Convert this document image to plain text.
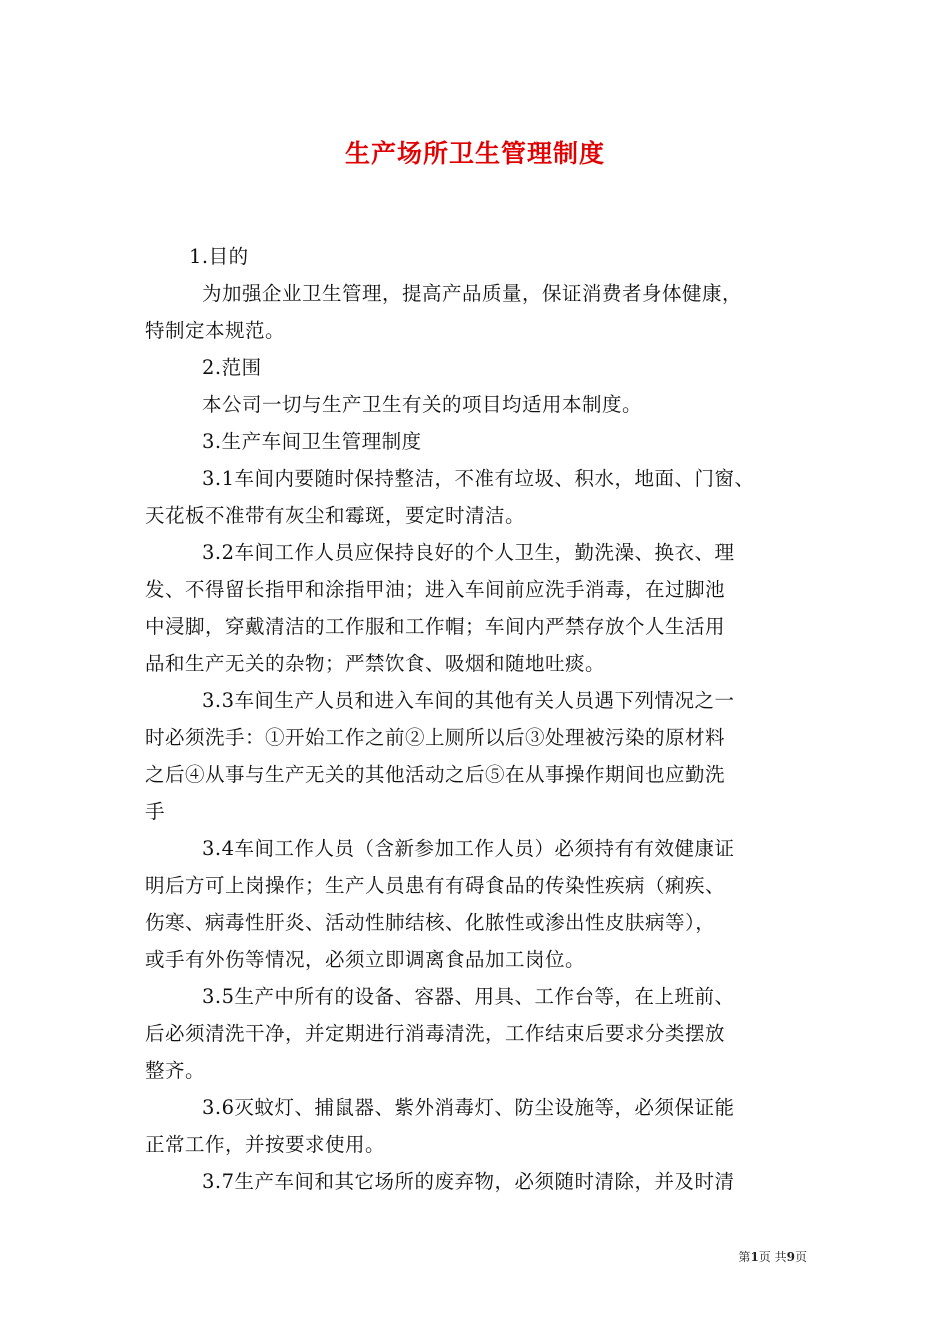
生产场所卫生管理制度
1.目的
为加强企业卫生管理，提高产品质量，保证消费者身体健康，
特制定本规范。
2.范围
本公司一切与生产卫生有关的项目均适用本制度。
3.生产车间卫生管理制度
3.1车间内要随时保持整洁，不准有垃圾、积水，地面、门窗、
天花板不准带有灰尘和霉斑，要定时清洁。
3.2车间工作人员应保持良好的个人卫生，勤洗澡、换衣、理
发、不得留长指甲和涂指甲油；进入车间前应洗手消毒，在过脚池
中浸脚，穿戴清洁的工作服和工作帽；车间内严禁存放个人生活用
品和生产无关的杂物；严禁饮食、吸烟和随地吐痰。
3.3车间生产人员和进入车间的其他有关人员遇下列情况之一
时必须洗手：①开始工作之前②上厕所以后③处理被污染的原材料
之后④从事与生产无关的其他活动之后⑤在从事操作期间也应勤洗
手
3.4车间工作人员（含新参加工作人员）必须持有有效健康证
明后方可上岗操作；生产人员患有有碍食品的传染性疾病（痢疾、
伤寒、病毒性肝炎、活动性肺结核、化脓性或渗出性皮肤病等），
或手有外伤等情况，必须立即调离食品加工岗位。
3.5生产中所有的设备、容器、用具、工作台等，在上班前、
后必须清洗干净，并定期进行消毒清洗，工作结束后要求分类摆放
整齐。
3.6灭蚊灯、捕鼠器、紫外消毒灯、防尘设施等，必须保证能
正常工作，并按要求使用。
3.7生产车间和其它场所的废弃物，必须随时清除，并及时清
第1页 共9页
